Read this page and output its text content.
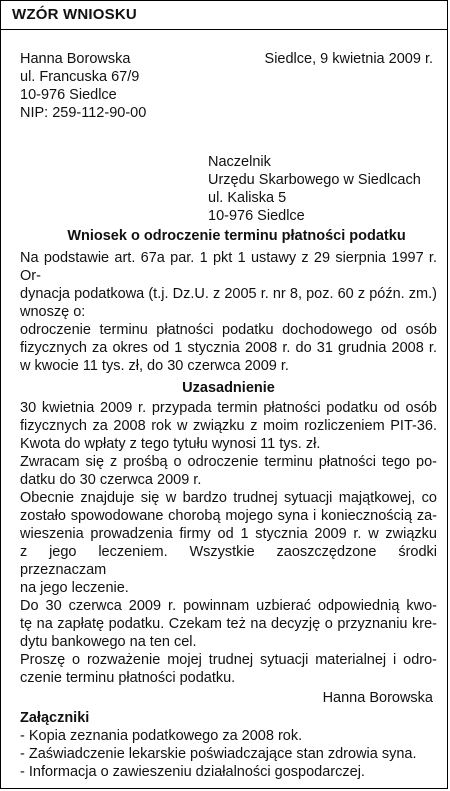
WZÓR WNIOSKU
Hanna Borowska
ul. Francuska 67/9
10-976 Siedlce
NIP: 259-112-90-00
Siedlce, 9 kwietnia 2009 r.
Naczelnik
Urzędu Skarbowego w Siedlcach
ul. Kaliska 5
10-976 Siedlce
Wniosek o odroczenie terminu płatności podatku
Na podstawie art. 67a par. 1 pkt 1 ustawy z 29 sierpnia 1997 r. Or-
dynacja podatkowa (t.j. Dz.U. z 2005 r. nr 8, poz. 60 z późn. zm.)
wnoszę o:
odroczenie terminu płatności podatku dochodowego od osób
fizycznych za okres od 1 stycznia 2008 r. do 31 grudnia 2008 r.
w kwocie 11 tys. zł, do 30 czerwca 2009 r.
Uzasadnienie
30 kwietnia 2009 r. przypada termin płatności podatku od osób
fizycznych za 2008 rok w związku z moim rozliczeniem PIT-36.
Kwota do wpłaty z tego tytułu wynosi 11 tys. zł.
Zwracam się z prośbą o odroczenie terminu płatności tego po-
datku do 30 czerwca 2009 r.
Obecnie znajduje się w bardzo trudnej sytuacji majątkowej, co
zostało spowodowane chorobą mojego syna i koniecznością za-
wieszenia prowadzenia firmy od 1 stycznia 2009 r. w związku
z jego leczeniem. Wszystkie zaoszczędzone środki przeznaczam
na jego leczenie.
Do 30 czerwca 2009 r. powinnam uzbierać odpowiednią kwo-
tę na zapłatę podatku. Czekam też na decyzję o przyznaniu kre-
dytu bankowego na ten cel.
Proszę o rozważenie mojej trudnej sytuacji materialnej i odro-
czenie terminu płatności podatku.
Hanna Borowska
Załączniki
- Kopia zeznania podatkowego za 2008 rok.
- Zaświadczenie lekarskie poświadczające stan zdrowia syna.
- Informacja o zawieszeniu działalności gospodarczej.
